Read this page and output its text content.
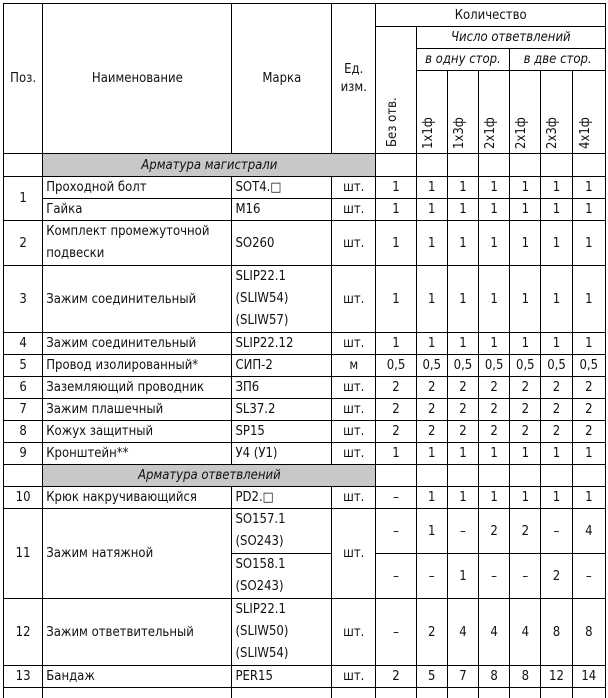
Поз.	Наименование	Марка	Ед. изм.	Количество						

				Без отв.	Число ответвлений					
					в одну стор.			в две стор.		

					1x1ф	1x3ф	2x1ф	2x1ф	2x3ф	4x1ф

	Арматура магистрали									
1	Проходной болт	SOT4.□	шт.	1	1	1	1	1	1	1
	Гайка	M16	шт.	1	1	1	1	1	1	1
2	Комплект промежуточной подвески	SO260	шт.	1	1	1	1	1	1	1
3	Зажим соединительный	SLIP22.1 (SLIW54) (SLIW57)	шт.	1	1	1	1	1	1	1
4	Зажим соединительный	SLIP22.12	шт.	1	1	1	1	1	1	1
5	Провод изолированный*	СИП-2	м	0,5	0,5	0,5	0,5	0,5	0,5	0,5
6	Заземляющий проводник	ЗП6	шт.	2	2	2	2	2	2	2
7	Зажим плашечный	SL37.2	шт.	2	2	2	2	2	2	2
8	Кожух защитный	SP15	шт.	2	2	2	2	2	2	2
9	Кронштейн**	У4 (У1)	шт.	1	1	1	1	1	1	1
	Арматура ответвлений									
10	Крюк накручивающийся	PD2.□	шт.	–	1	1	1	1	1	1
11	Зажим натяжной	SO157.1 (SO243)	шт.	–	1	–	2	2	–	4
		SO158.1 (SO243)		–	–	1	–	–	2	–
12	Зажим ответвительный	SLIP22.1 (SLIW50) (SLIW54)	шт.	–	2	4	4	4	8	8
13	Бандаж	PER15	шт.	2	5	7	8	8	12	14
